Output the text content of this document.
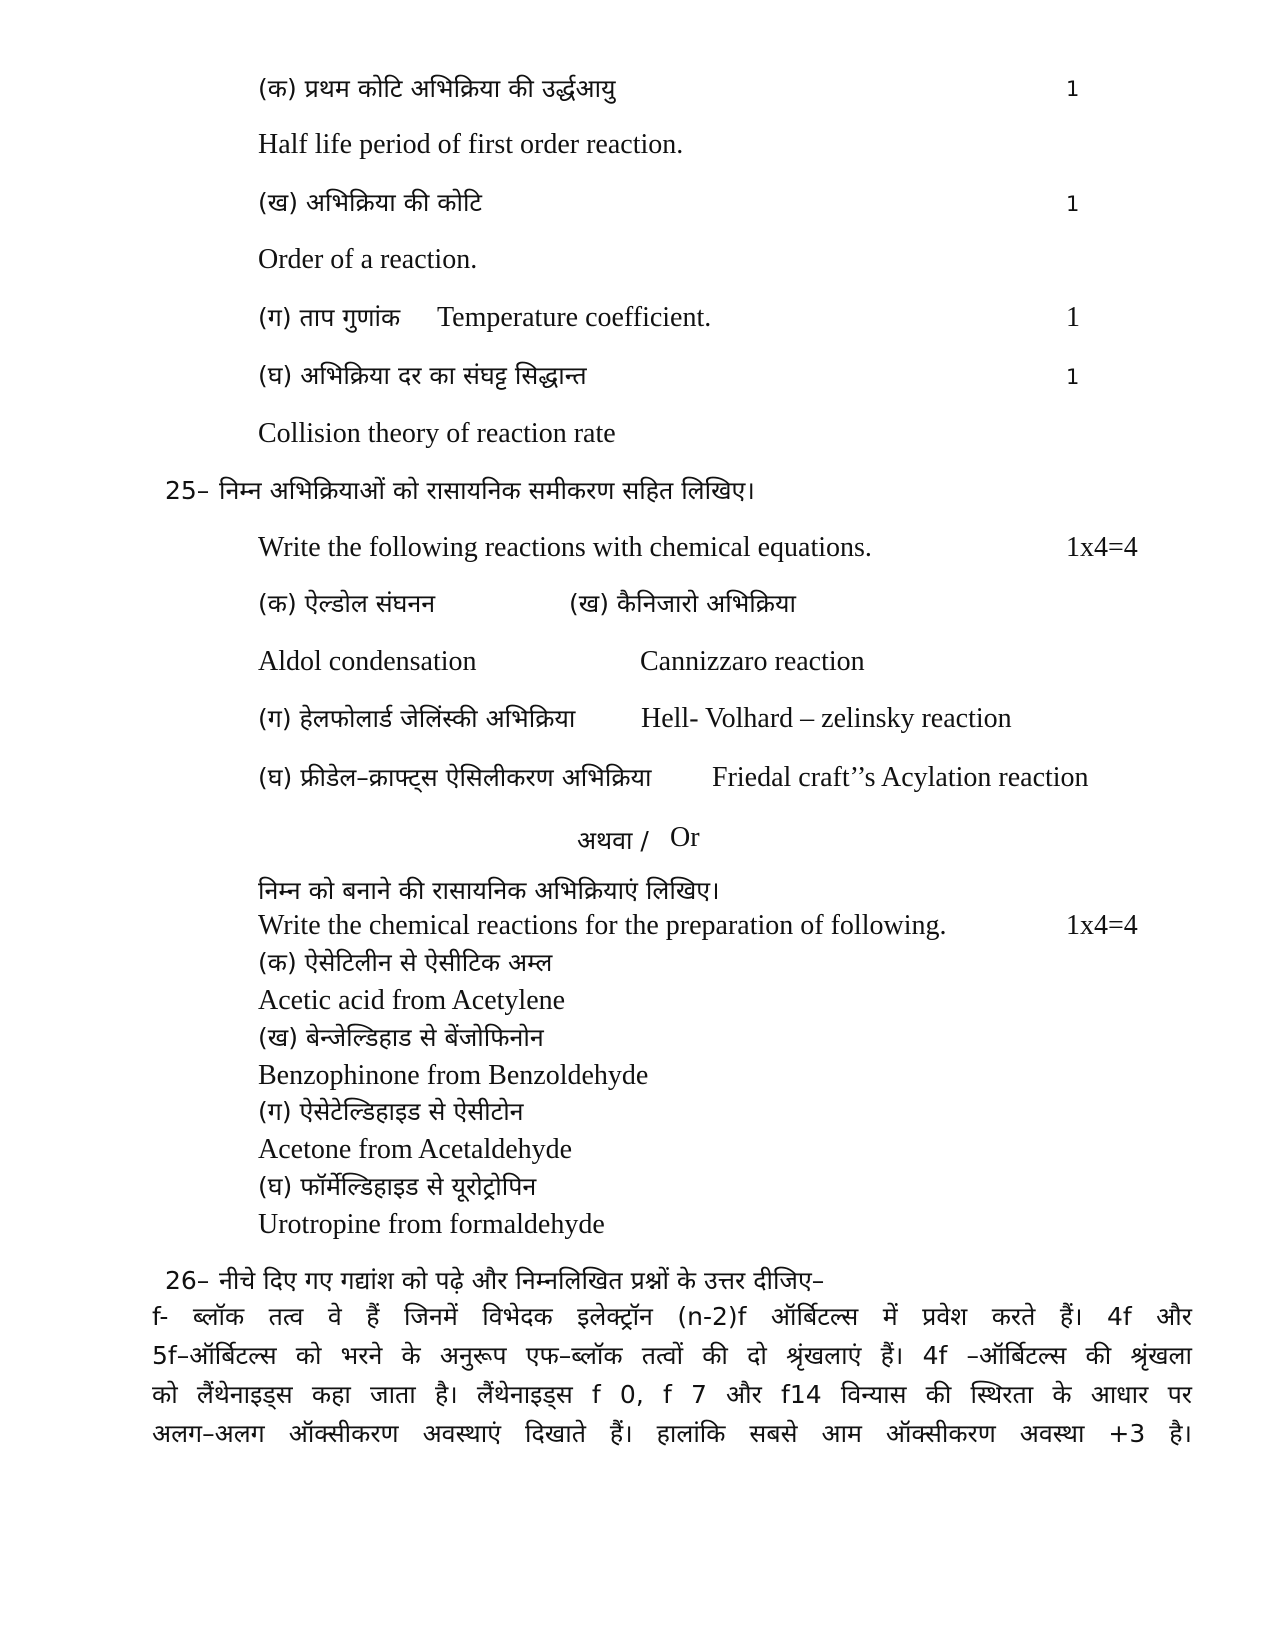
(क) प्रथम कोटि अभिक्रिया की उर्द्धआयु	1
Half life period of first order reaction.
(ख) अभिक्रिया की कोटि	1
Order of a reaction.
(ग) ताप गुणांक Temperature coefficient.	1
(घ) अभिक्रिया दर का संघट्ट सिद्धान्त	1
Collision theory of reaction rate
25– निम्न अभिक्रियाओं को रासायनिक समीकरण सहित लिखिए।
Write the following reactions with chemical equations.	1x4=4
(क) ऐल्डोल संघनन	(ख) कैनिजारो अभिक्रिया
Aldol condensation	Cannizzaro reaction
(ग) हेलफोलार्ड जेलिंस्की अभिक्रिया Hell- Volhard – zelinsky reaction
(घ) फ्रीडेल–क्राफ्ट्स ऐसिलीकरण अभिक्रिया Friedal craft’’s Acylation reaction
अथवा / Or
निम्न को बनाने की रासायनिक अभिक्रियाएं लिखिए।
Write the chemical reactions for the preparation of following.	1x4=4
(क) ऐसेटिलीन से ऐसीटिक अम्ल
Acetic acid from Acetylene
(ख) बेन्जेल्डिहाड से बेंजोफिनोन
Benzophinone from Benzoldehyde
(ग) ऐसेटेल्डिहाइड से ऐसीटोन
Acetone from Acetaldehyde
(घ) फॉर्मेल्डिहाइड से यूरोट्रोपिन
Urotropine from formaldehyde
26– नीचे दिए गए गद्यांश को पढ़े और निम्नलिखित प्रश्नों के उत्तर दीजिए–
f- ब्लॉक तत्व वे हैं जिनमें विभेदक इलेक्ट्रॉन (n-2)f ऑर्बिटल्स में प्रवेश करते हैं। 4f और
5f–ऑर्बिटल्स को भरने के अनुरूप एफ–ब्लॉक तत्वों की दो श्रृंखलाएं हैं। 4f –ऑर्बिटल्स की श्रृंखला
को लैंथेनाइड्स कहा जाता है। लैंथेनाइड्स f 0, f 7 और f14 विन्यास की स्थिरता के आधार पर
अलग–अलग ऑक्सीकरण अवस्थाएं दिखाते हैं। हालांकि सबसे आम ऑक्सीकरण अवस्था +3 है।
